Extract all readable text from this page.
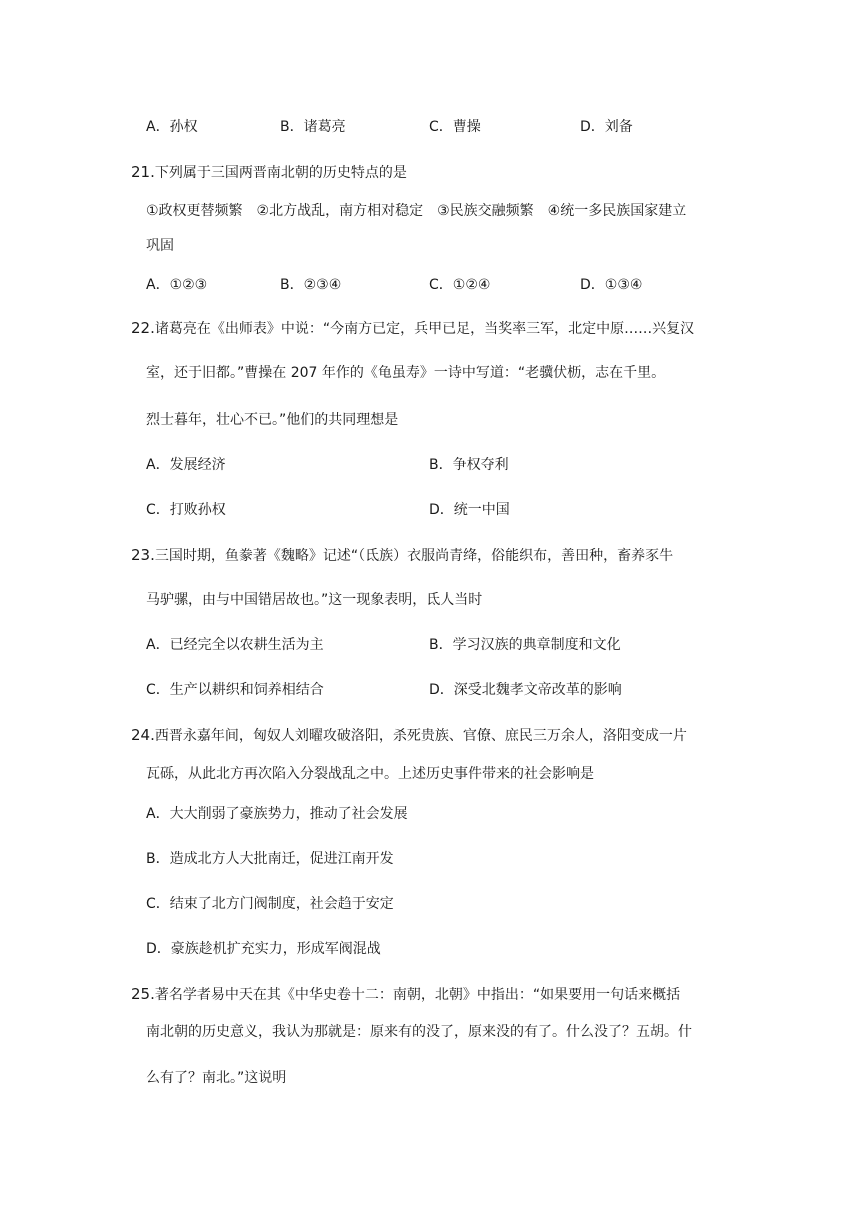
A．孙权	B．诸葛亮	C．曹操	D．刘备
21.下列属于三国两晋南北朝的历史特点的是
①政权更替频繁　②北方战乱，南方相对稳定　③民族交融频繁　④统一多民族国家建立
巩固
A．①②③	B．②③④	C．①②④	D．①③④
22.诸葛亮在《出师表》中说：“今南方已定，兵甲已足，当奖率三军，北定中原……兴复汉
室，还于旧都。”曹操在 207 年作的《龟虽寿》一诗中写道：“老骥伏枥，志在千里。
烈士暮年，壮心不已。”他们的共同理想是
A．发展经济	B．争权夺利
C．打败孙权	D．统一中国
23.三国时期，鱼豢著《魏略》记述“（氐族）衣服尚青绛，俗能织布，善田种，畜养豕牛
马驴骡，由与中国错居故也。”这一现象表明，氐人当时
A．已经完全以农耕生活为主	B．学习汉族的典章制度和文化
C．生产以耕织和饲养相结合	D．深受北魏孝文帝改革的影响
24.西晋永嘉年间，匈奴人刘曜攻破洛阳，杀死贵族、官僚、庶民三万余人，洛阳变成一片
瓦砾，从此北方再次陷入分裂战乱之中。上述历史事件带来的社会影响是
A．大大削弱了豪族势力，推动了社会发展
B．造成北方人大批南迁，促进江南开发
C．结束了北方门阀制度，社会趋于安定
D．豪族趁机扩充实力，形成军阀混战
25.著名学者易中天在其《中华史卷十二：南朝，北朝》中指出：“如果要用一句话来概括
南北朝的历史意义，我认为那就是：原来有的没了，原来没的有了。什么没了？五胡。什
么有了？南北。”这说明
